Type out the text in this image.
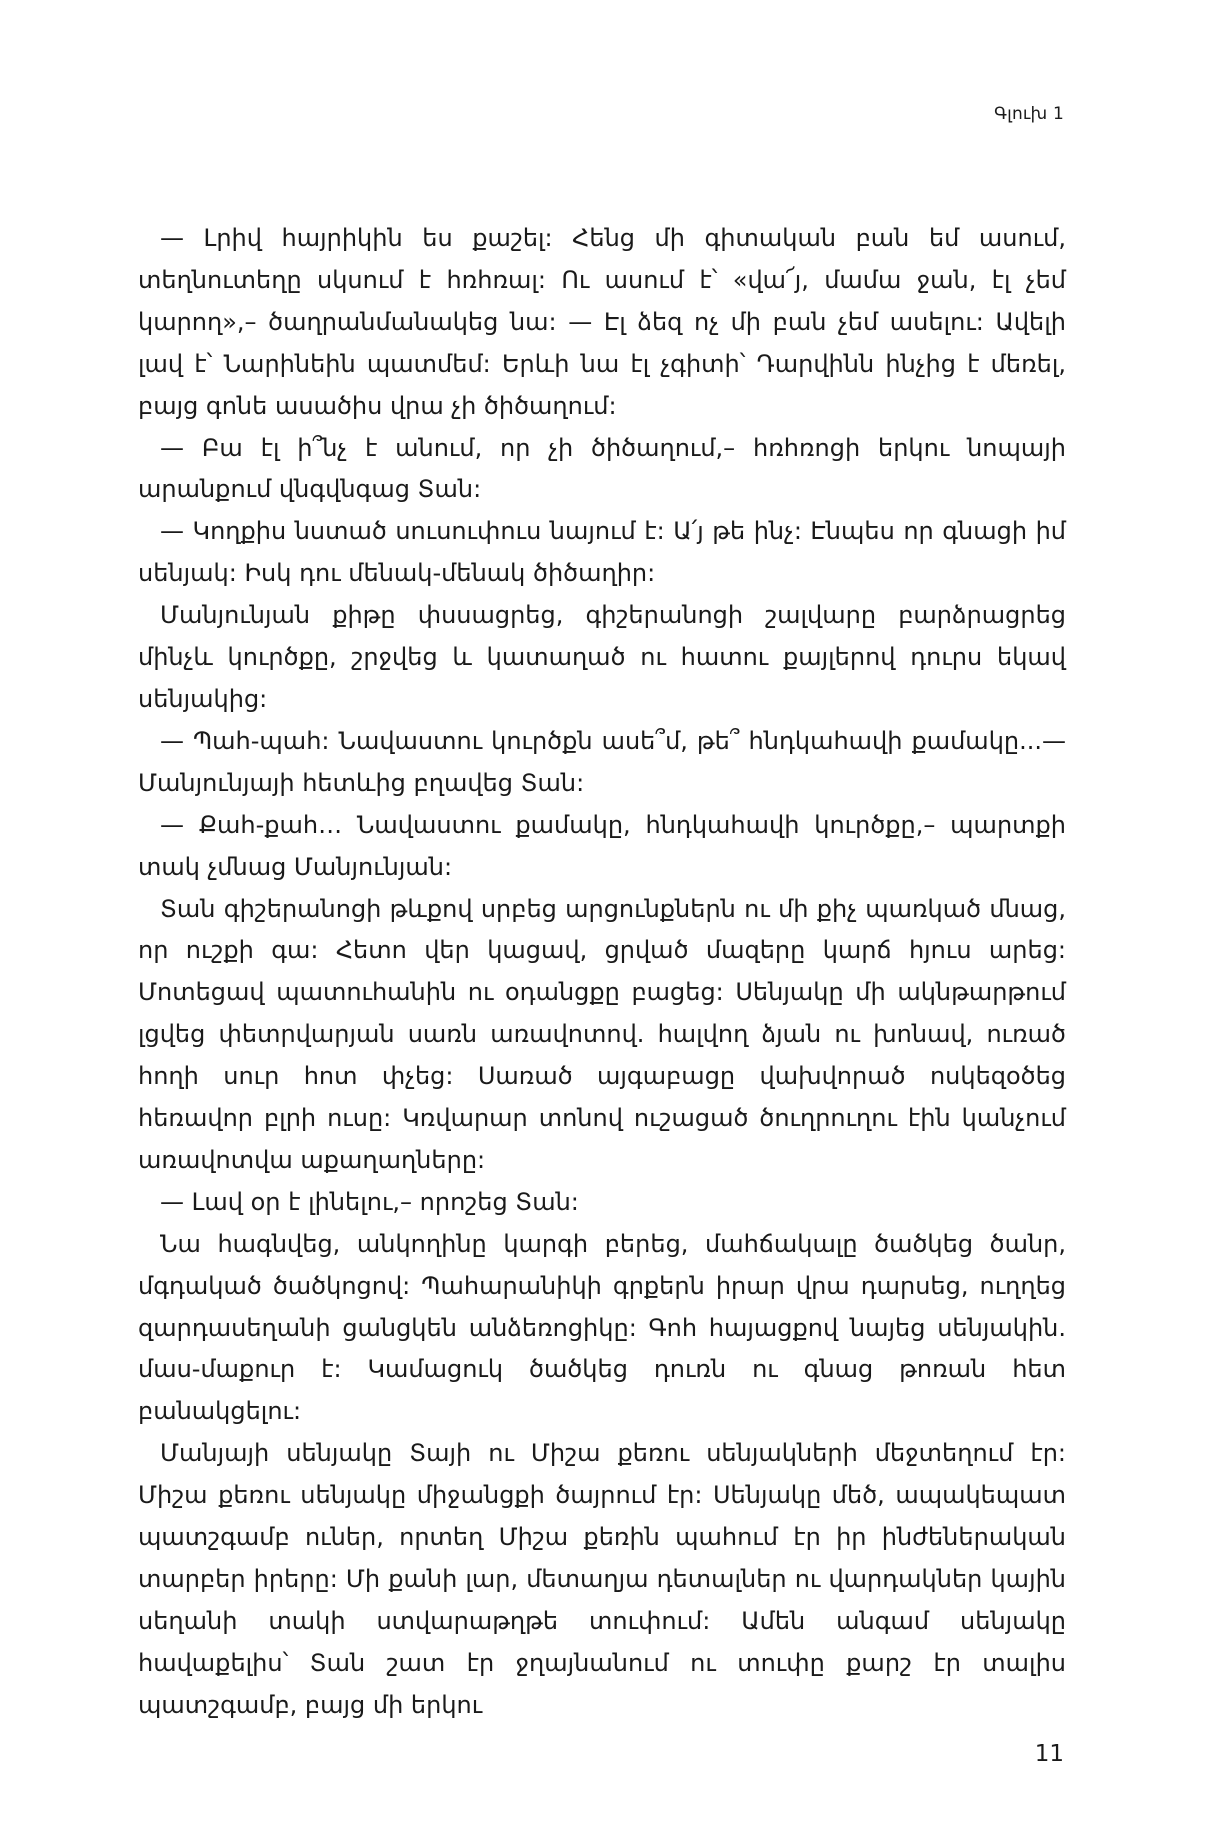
Գլուխ 1

— Լրիվ հայրիկին ես քաշել: Հենց մի գիտական բան եմ ասում, տեղնուտեղը սկսում է հռհռալ: Ու ասում է՝ «վա՜յ, մամա ջան, էլ չեմ կարող»,– ծաղրանմանակեց նա: — Էլ ձեզ ոչ մի բան չեմ ասելու: Ավելի լավ է՝ Նարինեին պատմեմ: Երևի նա էլ չգիտի՝ Դարվինն ինչից է մեռել, բայց գոնե ասածիս վրա չի ծիծաղում:

— Բա էլ ի՞նչ է անում, որ չի ծիծաղում,– հռհռոցի երկու նոպայի արանքում վնգվնգաց Տան:

— Կողքիս նստած սուսուփուս նայում է: Ա՛յ թե ինչ: Էնպես որ գնացի իմ սենյակ: Իսկ դու մենակ-մենակ ծիծաղիր:

Մանյունյան քիթը փսսացրեց, գիշերանոցի շալվարը բարձրացրեց մինչև կուրծքը, շրջվեց և կատաղած ու հատու քայլերով դուրս եկավ սենյակից:

— Պահ-պահ: Նավաստու կուրծքն ասե՞մ, թե՞ հնդկահավի քամակը...— Մանյունյայի հետևից բղավեց Տան:

— Քահ-քահ… Նավաստու քամակը, հնդկահավի կուրծքը,– պարտքի տակ չմնաց Մանյունյան:

Տան գիշերանոցի թևքով սրբեց արցունքներն ու մի քիչ պառկած մնաց, որ ուշքի գա: Հետո վեր կացավ, ցրված մազերը կարճ հյուս արեց: Մոտեցավ պատուհանին ու օդանցքը բացեց: Սենյակը մի ակնթարթում լցվեց փետրվարյան սառն առավոտով. հալվող ձյան ու խոնավ, ուռած հողի սուր հոտ փչեց: Սառած այգաբացը վախվորած ոսկեզօծեց հեռավոր բլրի ուսը: Կռվարար տոնով ուշացած ծուղրուղու էին կանչում առավոտվա աքաղաղները:

— Լավ օր է լինելու,– որոշեց Տան:

Նա հագնվեց, անկողինը կարգի բերեց, մահճակալը ծածկեց ծանր, մգդակած ծածկոցով: Պահարանիկի գրքերն իրար վրա դարսեց, ուղղեց զարդասեղանի ցանցկեն անձեռոցիկը: Գոհ հայացքով նայեց սենյակին. մաս-մաքուր է: Կամացուկ ծածկեց դուռն ու գնաց թոռան հետ բանակցելու:

Մանյայի սենյակը Տայի ու Միշա քեռու սենյակների մեջտեղում էր: Միշա քեռու սենյակը միջանցքի ծայրում էր: Սենյակը մեծ, ապակեպատ պատշգամբ ուներ, որտեղ Միշա քեռին պահում էր իր ինժեներական տարբեր իրերը: Մի քանի լար, մետաղյա դետալներ ու վարդակներ կային սեղանի տակի ստվարաթղթե տուփում: Ամեն անգամ սենյակը հավաքելիս՝ Տան շատ էր ջղայնանում ու տուփը քարշ էր տալիս պատշգամբ, բայց մի երկու

11
